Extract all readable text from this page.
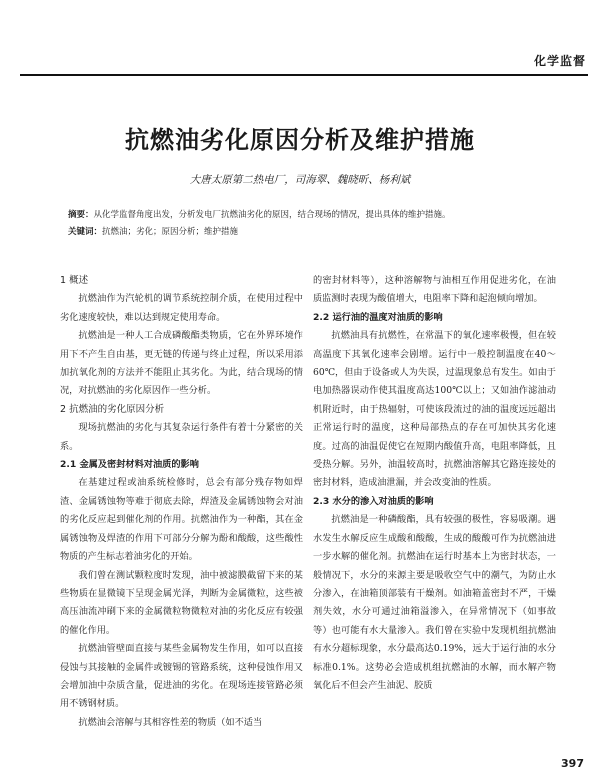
化学监督
抗燃油劣化原因分析及维护措施
大唐太原第二热电厂，司海翠、魏晓昕、杨利斌
摘要：从化学监督角度出发，分析发电厂抗燃油劣化的原因，结合现场的情况，提出具体的维护措施。
关键词：抗燃油；劣化；原因分析；维护措施
1 概述

抗燃油作为汽轮机的调节系统控制介质，在使用过程中劣化速度较快，难以达到规定使用寿命。

抗燃油是一种人工合成磷酸酯类物质，它在外界环境作用下不产生自由基，更无链的传递与终止过程，所以采用添加抗氧化剂的方法并不能阻止其劣化。为此，结合现场的情况，对抗燃油的劣化原因作一些分析。

2 抗燃油的劣化原因分析

现场抗燃油的劣化与其复杂运行条件有着十分紧密的关系。

2.1 金属及密封材料对油质的影响

在基建过程或油系统检修时，总会有部分残存物如焊渣、金属锈蚀物等难于彻底去除，焊渣及金属锈蚀物会对油的劣化反应起到催化剂的作用。抗燃油作为一种酯，其在金属锈蚀物及焊渣的作用下可部分分解为酚和酸酸，这些酸性物质的产生标志着油劣化的开始。

我们曾在测试颗粒度时发现，油中被滤膜截留下来的某些物质在显微镜下呈现金属光泽，判断为金属微粒，这些被高压油流冲刷下来的金属微粒物微粒对油的劣化反应有较强的催化作用。

抗燃油管壁面直接与某些金属物发生作用，如可以直接侵蚀与其接触的金属件或镀锡的管路系统，这种侵蚀作用又会增加油中杂质含量，促进油的劣化。在现场连接管路必须用不锈钢材质。

抗燃油会溶解与其相容性差的物质（如不适当

的密封材料等），这种溶解物与油相互作用促进劣化，在油质监测时表现为酸值增大，电阻率下降和起泡倾向增加。

2.2 运行油的温度对油质的影响

抗燃油具有抗燃性，在常温下的氧化速率极慢，但在较高温度下其氧化速率会剧增。运行中一般控制温度在40～60℃，但由于设备或人为失误，过温现象总有发生。如由于电加热器误动作使其温度高达100℃以上；又如油作滤油动机附近时，由于热辐射，可使该段流过的油的温度远远超出正常运行时的温度，这种局部热点的存在可加快其劣化速度。过高的油温促使它在短期内酸值升高，电阻率降低，且受热分解。另外，油温较高时，抗燃油溶解其它路连接处的密封材料，造成油泄漏，并会改变油的性质。

2.3 水分的渗入对油质的影响

抗燃油是一种磷酸酯，具有较强的极性，容易吸潮。遇水发生水解反应生成酸和酸酸，生成的酸酸可作为抗燃油进一步水解的催化剂。抗燃油在运行时基本上为密封状态，一般情况下，水分的来源主要是吸收空气中的潮气，为防止水分渗入，在油箱顶部装有干燥剂。如油箱盖密封不严，干燥剂失效，水分可通过油箱溢渗入，在异常情况下（如事故等）也可能有水大量渗入。我们曾在实验中发现机组抗燃油有水分超标现象，水分最高达0.19%，远大于运行油的水分标准0.1%。这势必会造成机组抗燃油的水解，而水解产物氧化后不但会产生油泥、胶质

397
